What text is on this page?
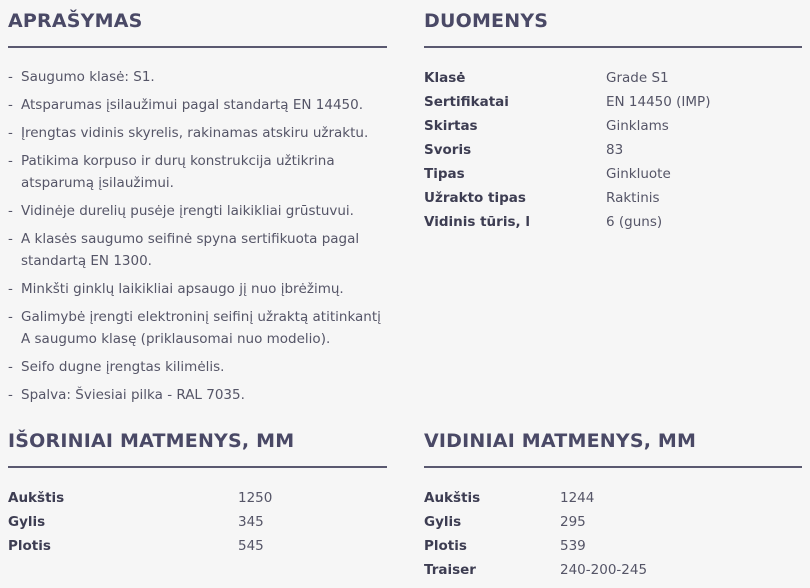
APRAŠYMAS
- Saugumo klasė: S1.
- Atsparumas įsilaužimui pagal standartą EN 14450.
- Įrengtas vidinis skyrelis, rakinamas atskiru užraktu.
- Patikima korpuso ir durų konstrukcija užtikrina atsparumą įsilaužimui.
- Vidinėje durelių pusėje įrengti laikikliai grūstuvui.
- A klasės saugumo seifinė spyna sertifikuota pagal standartą EN 1300.
- Minkšti ginklų laikikliai apsaugo jį nuo įbrėžimų.
- Galimybė įrengti elektroninį seifinį užraktą atitinkantį A saugumo klasę (priklausomai nuo modelio).
- Seifo dugne įrengtas kilimėlis.
- Spalva: Šviesiai pilka - RAL 7035.
DUOMENYS
Klasė	Grade S1
Sertifikatai	EN 14450 (IMP)
Skirtas	Ginklams
Svoris	83
Tipas	Ginkluote
Užrakto tipas	Raktinis
Vidinis tūris, l	6 (guns)
IŠORINIAI MATMENYS, MM
Aukštis	1250
Gylis	345
Plotis	545
VIDINIAI MATMENYS, MM
Aukštis	1244
Gylis	295
Plotis	539
Traiser	240-200-245
